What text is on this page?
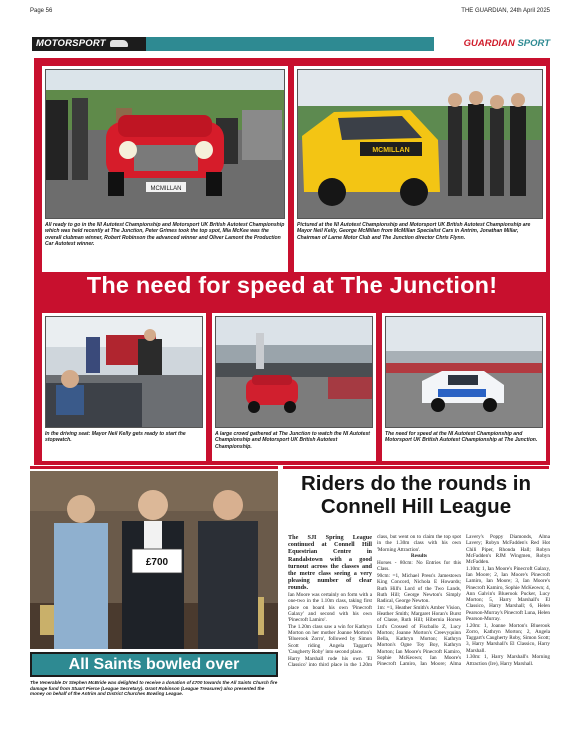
Page 56	THE GUARDIAN, 24th April 2025
MOTORSPORT	GUARDIAN SPORT
MCMILLAN
All ready to go in the NI Autotest Championship and Motorsport UK British Autotest Championship which was held recently at The Junction, Peter Grimes took the top spot, Mia McKee was the overall clubman winner, Robert Robinson the advanced winner and Oliver Lamont the Production Car Autotest winner.
MCMILLAN
Pictured at the NI Autotest Championship and Motorsport UK British Autotest Championship are Mayor Neil Kelly, George McMillan from McMillan Specialist Cars in Antrim, Jonathan Millar, Chairman of Larne Motor Club and The Junction director Chris Flynn.
In the driving seat: Mayor Neil Kelly gets ready to start the stopwatch.
A large crowd gathered at The Junction to watch the NI Autotest Championship and Motorsport UK British Autotest Championship.
The need for speed at the NI Autotest Championship and Motorsport UK British Autotest Championship at The Junction.
The need for speed at The Junction!
£700
All Saints bowled over
The Venerable Dr Stephen McBride was delighted to receive a donation of £700 towards the All Saints Church fire damage fund from Stuart Pierce (League Secretary). Grant Robinson (League Treasurer) also presented the money on behalf of the Antrim and District Churches Bowling League.
Riders do the rounds in Connell Hill League

The SJI Spring League continued at Connell Hill Equestrian Centre in Randalstown with a good turnout across the classes and the metre class seeing a very pleasing number of clear rounds.

Ian Moore was certainly on form with a one-two in the 1.10m class, taking first place on board his own 'Pinecroft Galaxy' and second with his own 'Pinecroft Lamiro'.

The 1.20m class saw a win for Kathryn Morton on her mother Joanne Morton's 'Bluerook Zorro', followed by Simon Scott riding Angela Taggart's 'Caugherty Roby' into second place.

Harry Marshall rode his own 'El Classico' into third place in the 1.20m class, but went on to claim the top spot in the 1.30m class with his own 'Morning Attraction'.

Results

Horses - 80cm: No Entries for this Class.

90cm: =1, Michael Press's Jamestown King Concord, Nichola E Howards; Ruth Hill's Lord of the Two Lands, Ruth Hill; George Newton's Simply Radical, George Newton.

1m: =1, Heather Smith's Amber Vision, Heather Smith; Margaret Horan's Burst of Classe, Ruth Hill; Hibernia Horses Ltd's Crossed of Fiscballo Z, Lucy Morton; Joanne Morton's Creevyquinn Bella, Kathryn Morton; Kathryn Morton's Ogne Toy Boy, Kathryn Morton; Ian Moore's Pinecroft Kamiro, Sophie McKeown; Ian Moore's Pinecroft Lamiro, Ian Moore; Alma Lavery's Poppy Diamonds, Alma Lavery; Robyn McFadden's Red Hot Chili Piper, Rhonda Hall; Robyn McFadden's RJM Wingmen, Robyn McFadden.

1.10m: 1, Ian Moore's Pinecroft Galaxy, Ian Moore; 2, Ian Moore's Pinecroft Lamiro, Ian Moore; 3, Ian Moore's Pinecroft Kamiro, Sophie McKeown; 4, Ann Galvin's Bluerook Pucker, Lucy Morton; 5, Harry Marshall's El Classico, Harry Marshall; 6, Helen Pearson-Murray's Pinecroft Luna, Helen Pearson-Murray.

1.20m: 1, Joanne Morton's Bluerook Zorro, Kathryn Morton; 2, Angela Taggart's Caugherty Roby, Simon Scott; 3, Harry Marshall's El Classico, Harry Marshall.

1.30m: 1, Harry Marshall's Morning Attraction (Ire), Harry Marshall.
